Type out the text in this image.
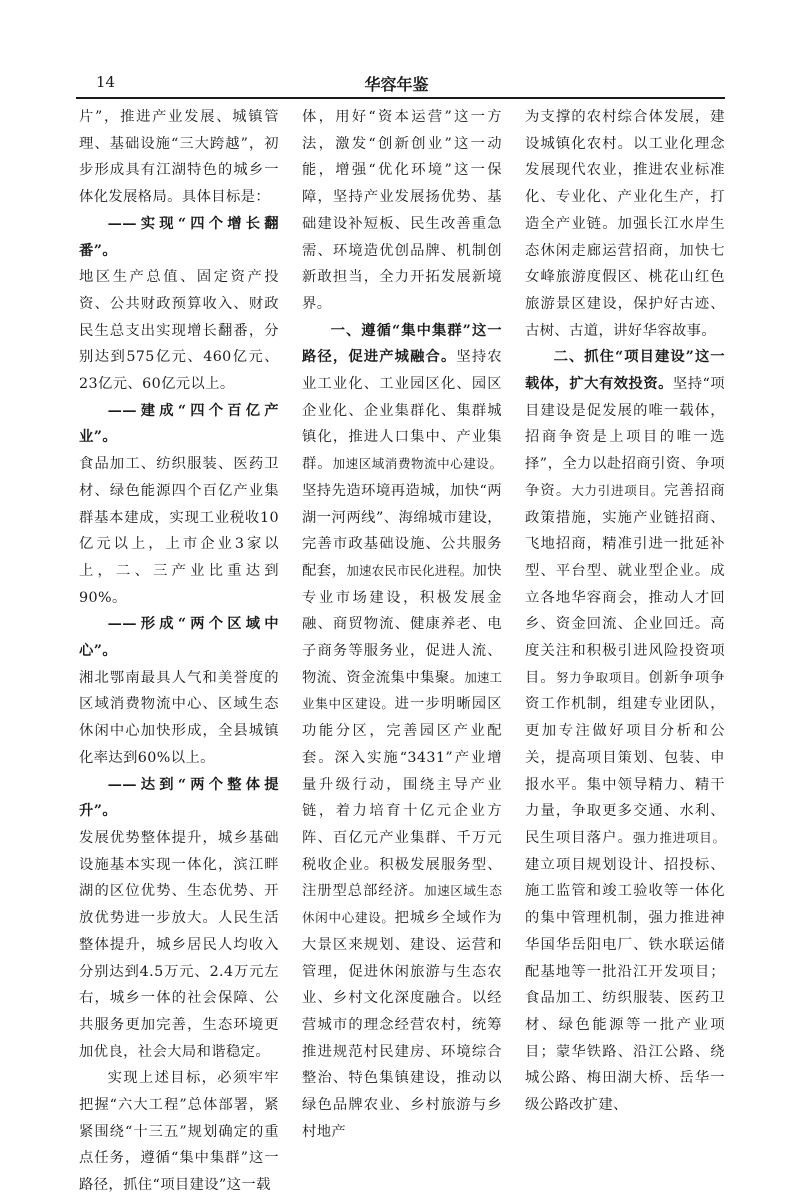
14	华容年鉴

片”，推进产业发展、城镇管理、基础设施“三大跨越”，初步形成具有江湖特色的城乡一体化发展格局。具体目标是：

——实现“四个增长翻番”。

地区生产总值、固定资产投资、公共财政预算收入、财政民生总支出实现增长翻番，分别达到575亿元、460亿元、23亿元、60亿元以上。

——建成“四个百亿产业”。

食品加工、纺织服装、医药卫材、绿色能源四个百亿产业集群基本建成，实现工业税收10亿元以上，上市企业3家以上，二、三产业比重达到90%。

——形成“两个区域中心”。

湘北鄂南最具人气和美誉度的区域消费物流中心、区域生态休闲中心加快形成，全县城镇化率达到60%以上。

——达到“两个整体提升”。

发展优势整体提升，城乡基础设施基本实现一体化，滨江畔湖的区位优势、生态优势、开放优势进一步放大。人民生活整体提升，城乡居民人均收入分别达到4.5万元、2.4万元左右，城乡一体的社会保障、公共服务更加完善，生态环境更加优良，社会大局和谐稳定。

实现上述目标，必须牢牢把握“六大工程”总体部署，紧紧围绕“十三五”规划确定的重点任务，遵循“集中集群”这一路径，抓住“项目建设”这一载

体，用好“资本运营”这一方法，激发“创新创业”这一动能，增强“优化环境”这一保障，坚持产业发展扬优势、基础建设补短板、民生改善重急需、环境造优创品牌、机制创新敢担当，全力开拓发展新境界。

一、遵循“集中集群”这一路径，促进产城融合。坚持农业工业化、工业园区化、园区企业化、企业集群化、集群城镇化，推进人口集中、产业集群。加速区域消费物流中心建设。坚持先造环境再造城，加快“两湖一河两线”、海绵城市建设，完善市政基础设施、公共服务配套，加速农民市民化进程。加快专业市场建设，积极发展金融、商贸物流、健康养老、电子商务等服务业，促进人流、物流、资金流集中集聚。加速工业集中区建设。进一步明晰园区功能分区，完善园区产业配套。深入实施“3431”产业增量升级行动，围绕主导产业链，着力培育十亿元企业方阵、百亿元产业集群、千万元税收企业。积极发展服务型、注册型总部经济。加速区域生态休闲中心建设。把城乡全域作为大景区来规划、建设、运营和管理，促进休闲旅游与生态农业、乡村文化深度融合。以经营城市的理念经营农村，统筹推进规范村民建房、环境综合整治、特色集镇建设，推动以绿色品牌农业、乡村旅游与乡村地产

为支撑的农村综合体发展，建设城镇化农村。以工业化理念发展现代农业，推进农业标准化、专业化、产业化生产，打造全产业链。加强长江水岸生态休闲走廊运营招商，加快七女峰旅游度假区、桃花山红色旅游景区建设，保护好古迹、古树、古道，讲好华容故事。

二、抓住“项目建设”这一载体，扩大有效投资。坚持“项目建设是促发展的唯一载体，招商争资是上项目的唯一选择”，全力以赴招商引资、争项争资。大力引进项目。完善招商政策措施，实施产业链招商、飞地招商，精准引进一批延补型、平台型、就业型企业。成立各地华容商会，推动人才回乡、资金回流、企业回迁。高度关注和积极引进风险投资项目。努力争取项目。创新争项争资工作机制，组建专业团队，更加专注做好项目分析和公关，提高项目策划、包装、申报水平。集中领导精力、精干力量，争取更多交通、水利、民生项目落户。强力推进项目。建立项目规划设计、招投标、施工监管和竣工验收等一体化的集中管理机制，强力推进神华国华岳阳电厂、铁水联运储配基地等一批沿江开发项目；食品加工、纺织服装、医药卫材、绿色能源等一批产业项目；蒙华铁路、沿江公路、绕城公路、梅田湖大桥、岳华一级公路改扩建、
